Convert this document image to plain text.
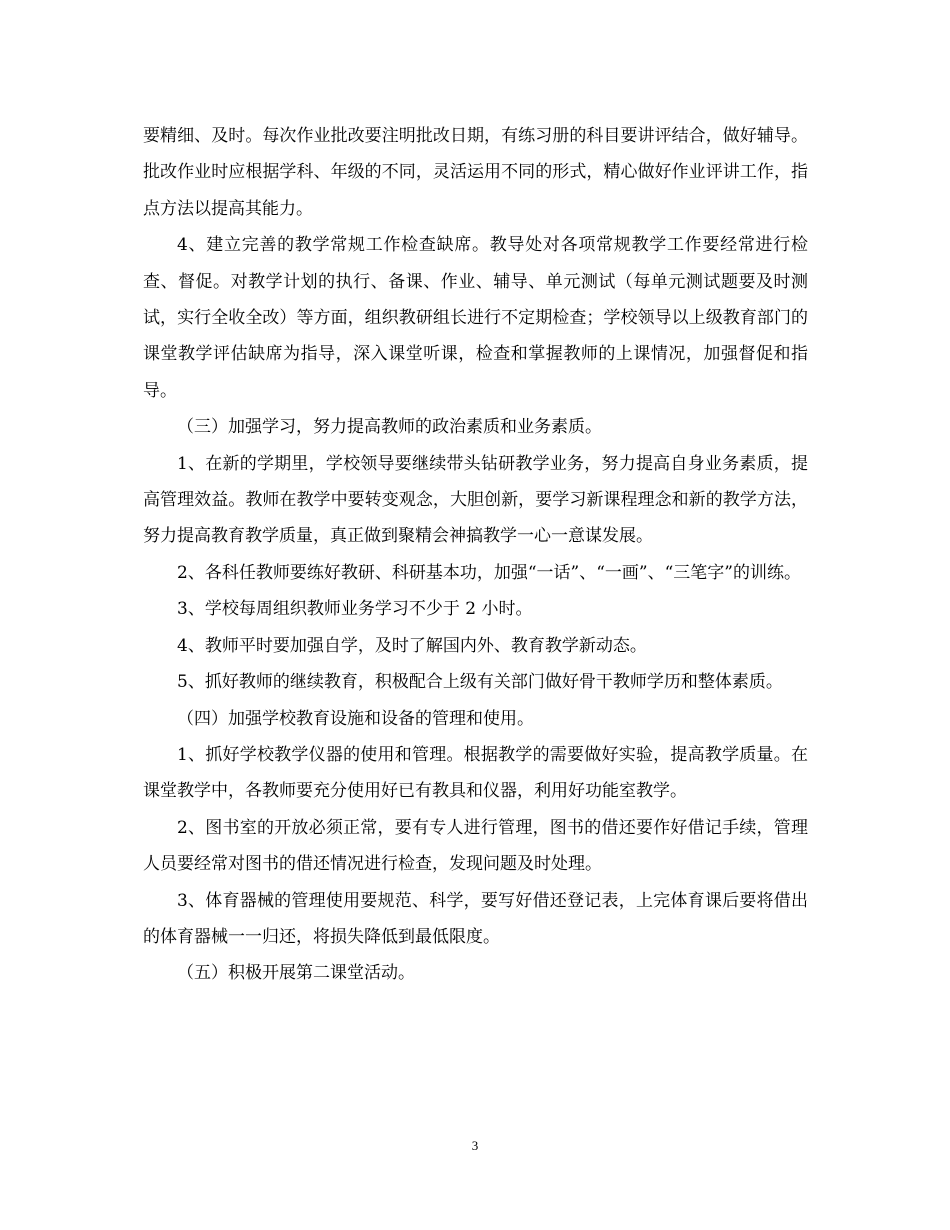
要精细、及时。每次作业批改要注明批改日期，有练习册的科目要讲评结合，做好辅导。批改作业时应根据学科、年级的不同，灵活运用不同的形式，精心做好作业评讲工作，指点方法以提高其能力。

4、建立完善的教学常规工作检查缺席。教导处对各项常规教学工作要经常进行检查、督促。对教学计划的执行、备课、作业、辅导、单元测试（每单元测试题要及时测试，实行全收全改）等方面，组织教研组长进行不定期检查；学校领导以上级教育部门的课堂教学评估缺席为指导，深入课堂听课，检查和掌握教师的上课情况，加强督促和指导。

（三）加强学习，努力提高教师的政治素质和业务素质。

1、在新的学期里，学校领导要继续带头钻研教学业务，努力提高自身业务素质，提高管理效益。教师在教学中要转变观念，大胆创新，要学习新课程理念和新的教学方法，努力提高教育教学质量，真正做到聚精会神搞教学一心一意谋发展。

2、各科任教师要练好教研、科研基本功，加强“一话”、“一画”、“三笔字”的训练。

3、学校每周组织教师业务学习不少于 2 小时。

4、教师平时要加强自学，及时了解国内外、教育教学新动态。

5、抓好教师的继续教育，积极配合上级有关部门做好骨干教师学历和整体素质。

（四）加强学校教育设施和设备的管理和使用。

1、抓好学校教学仪器的使用和管理。根据教学的需要做好实验，提高教学质量。在课堂教学中，各教师要充分使用好已有教具和仪器，利用好功能室教学。

2、图书室的开放必须正常，要有专人进行管理，图书的借还要作好借记手续，管理人员要经常对图书的借还情况进行检查，发现问题及时处理。

3、体育器械的管理使用要规范、科学，要写好借还登记表，上完体育课后要将借出的体育器械一一归还，将损失降低到最低限度。

（五）积极开展第二课堂活动。

3
